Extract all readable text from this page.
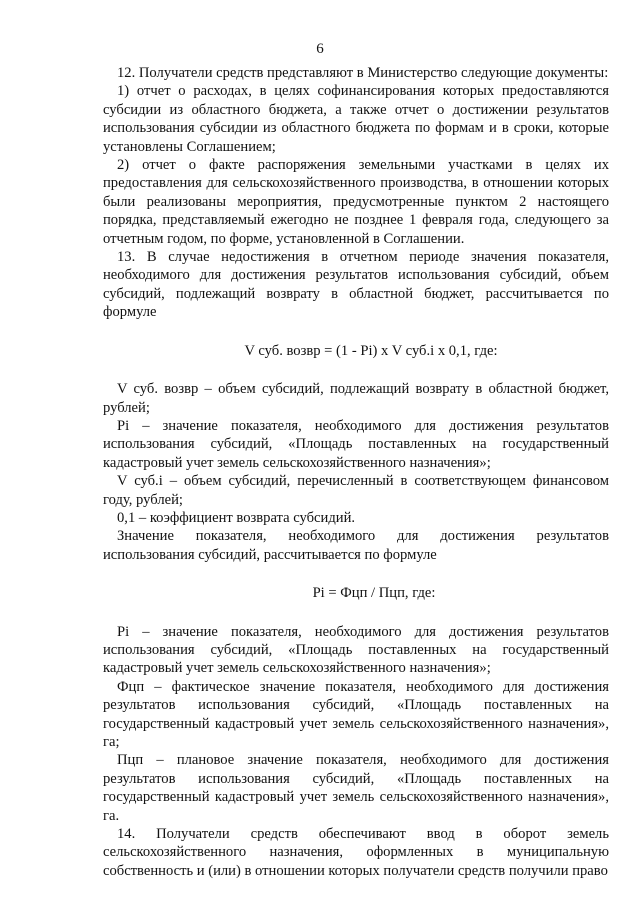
6

12. Получатели средств представляют в Министерство следующие документы:

1) отчет о расходах, в целях софинансирования которых предоставляются субсидии из областного бюджета, а также отчет о достижении результатов использования субсидии из областного бюджета по формам и в сроки, которые установлены Соглашением;

2) отчет о факте распоряжения земельными участками в целях их предоставления для сельскохозяйственного производства, в отношении которых были реализованы мероприятия, предусмотренные пунктом 2 настоящего порядка, представляемый ежегодно не позднее 1 февраля года, следующего за отчетным годом, по форме, установленной в Соглашении.

13. В случае недостижения в отчетном периоде значения показателя, необходимого для достижения результатов использования субсидий, объем субсидий, подлежащий возврату в областной бюджет, рассчитывается по формуле

V суб. возвр = (1 - Pi) x V суб.i x 0,1, где:

V суб. возвр – объем субсидий, подлежащий возврату в областной бюджет, рублей;

Pi – значение показателя, необходимого для достижения результатов использования субсидий, «Площадь поставленных на государственный кадастровый учет земель сельскохозяйственного назначения»;

V суб.i – объем субсидий, перечисленный в соответствующем финансовом году, рублей;

0,1 – коэффициент возврата субсидий.

Значение показателя, необходимого для достижения результатов использования субсидий, рассчитывается по формуле

Pi = Фцп / Пцп, где:

Pi – значение показателя, необходимого для достижения результатов использования субсидий, «Площадь поставленных на государственный кадастровый учет земель сельскохозяйственного назначения»;

Фцп – фактическое значение показателя, необходимого для достижения результатов использования субсидий, «Площадь поставленных на государственный кадастровый учет земель сельскохозяйственного назначения», га;

Пцп – плановое значение показателя, необходимого для достижения результатов использования субсидий, «Площадь поставленных на государственный кадастровый учет земель сельскохозяйственного назначения», га.

14. Получатели средств обеспечивают ввод в оборот земель сельскохозяйственного назначения, оформленных в муниципальную собственность и (или) в отношении которых получатели средств получили право
